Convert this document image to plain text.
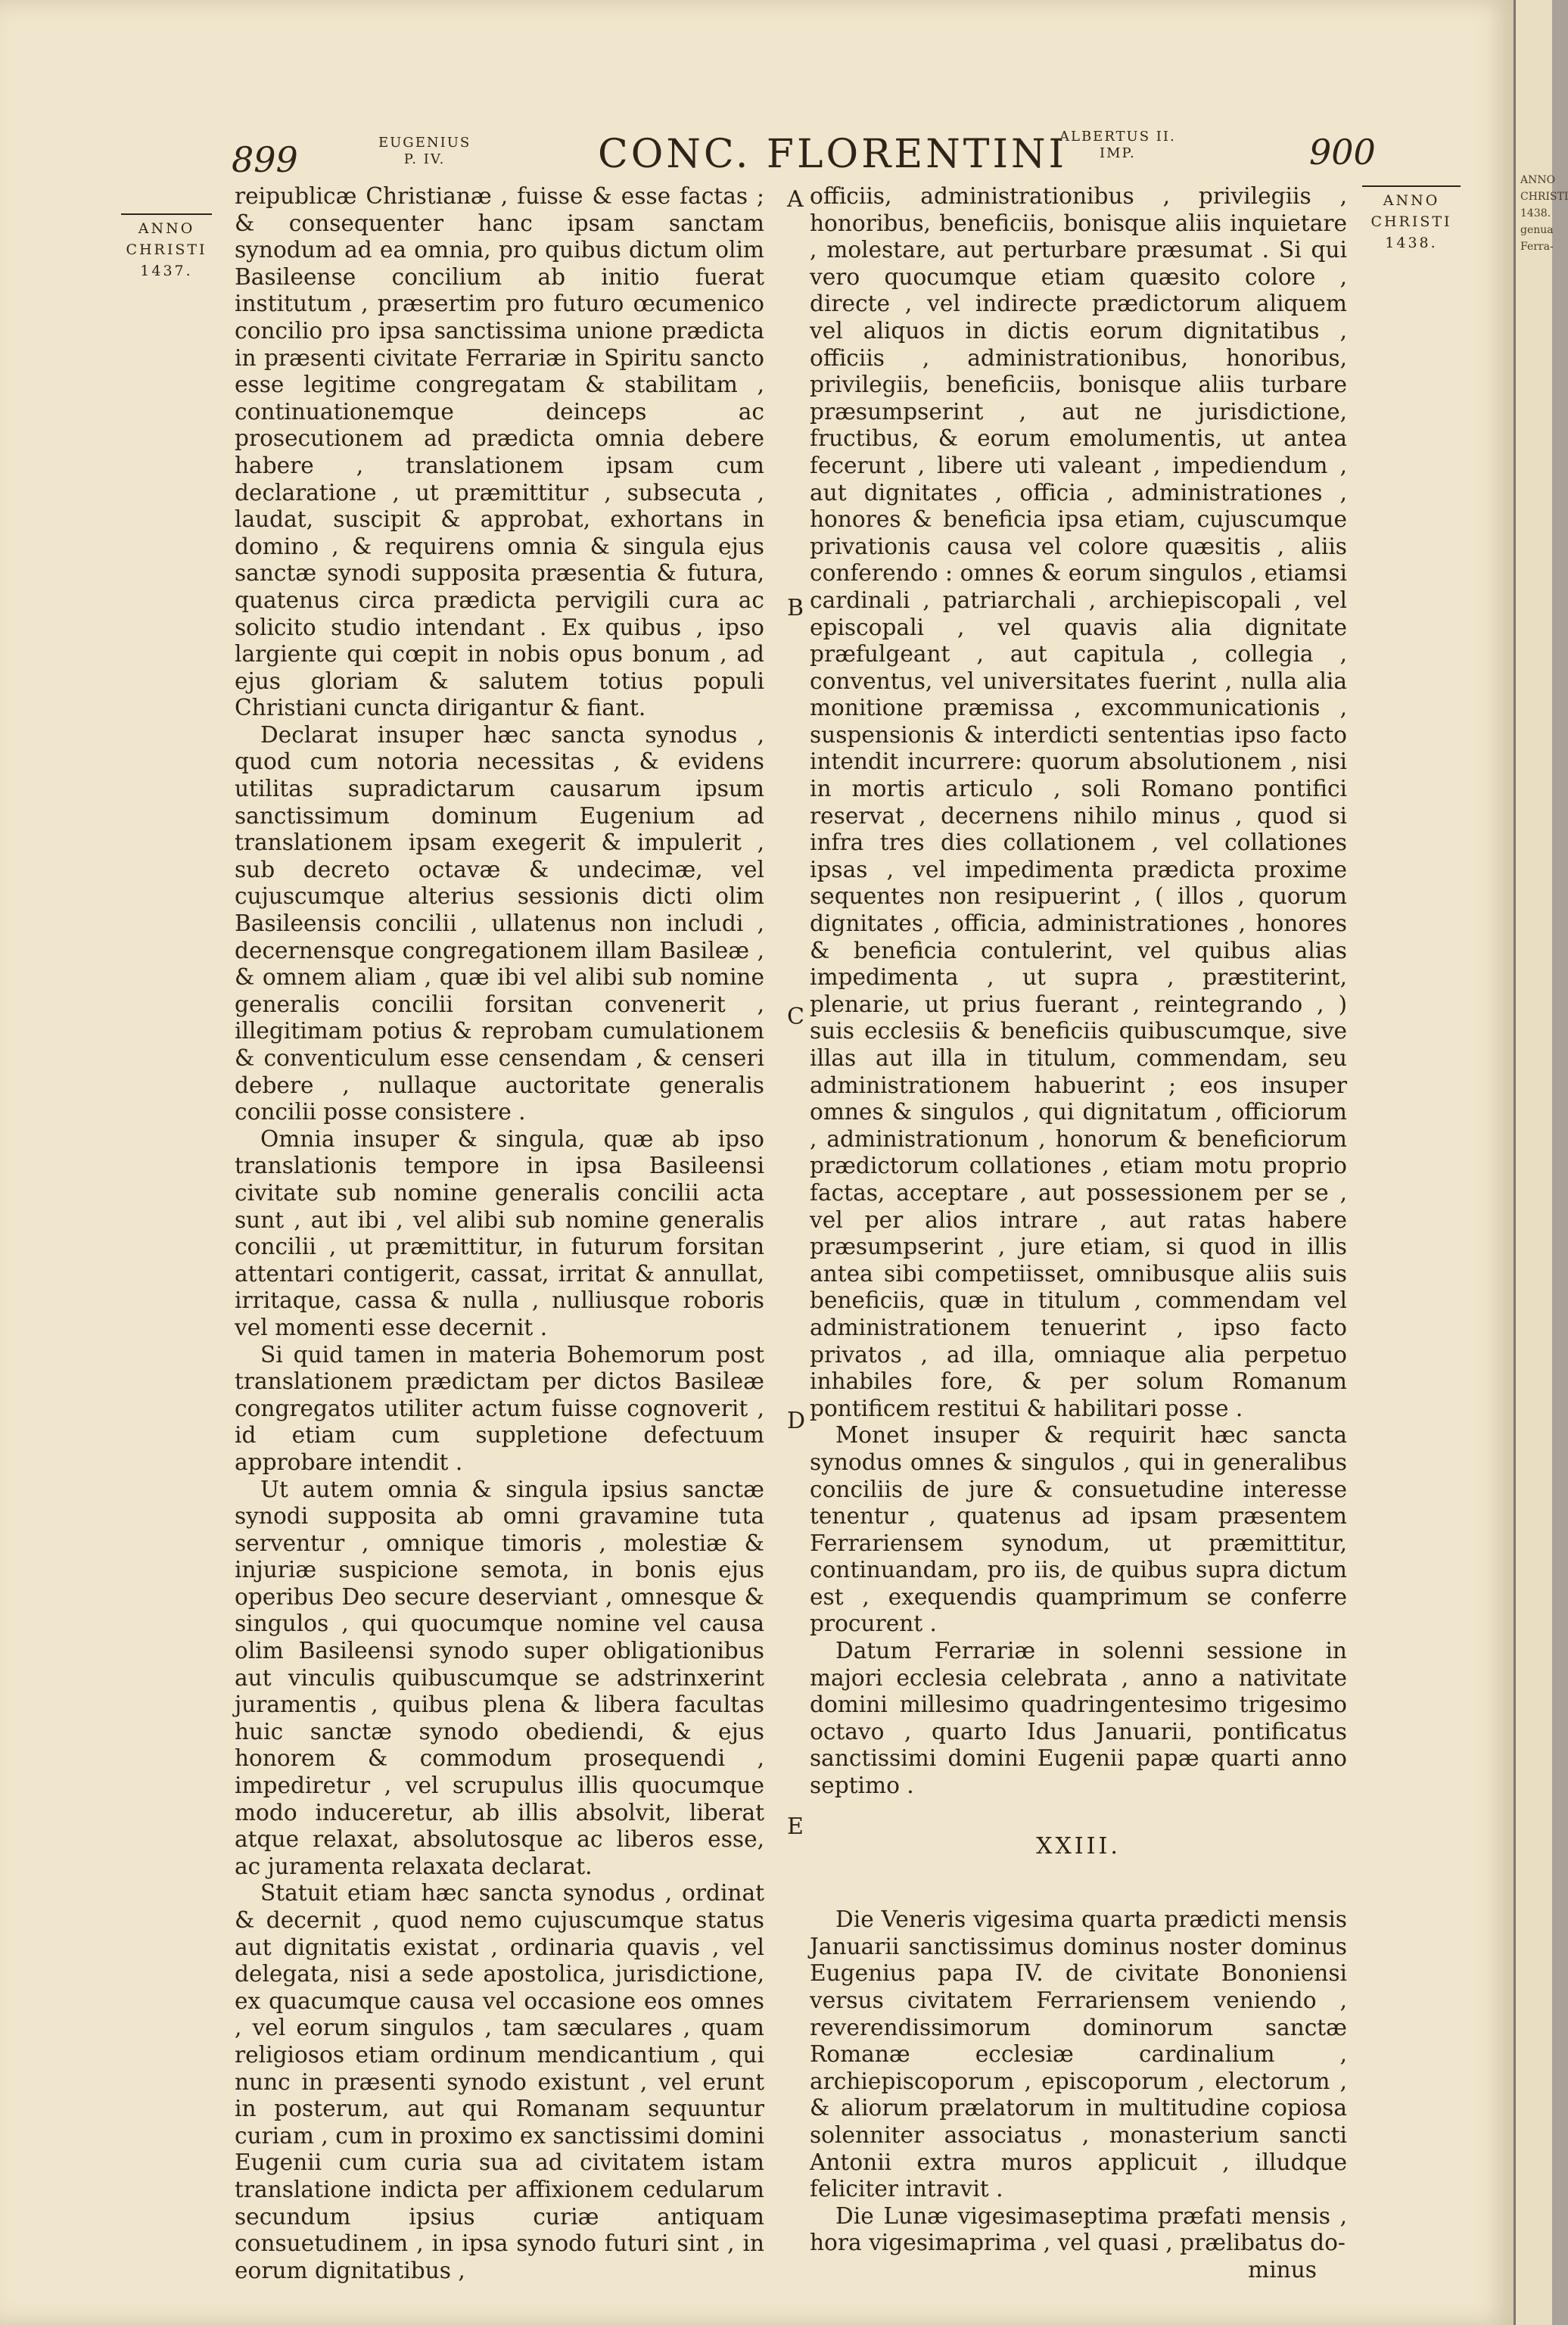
899	EUGENIUS
P. IV.	CONC. FLORENTINI
ALBERTUS II.
IMP.	900
ANNO
CHRISTI
1437.
ANNO
CHRISTI
1438.
A
B
C
D
E

reipublicæ Christianæ , fuisse & esse factas ; & consequenter hanc ipsam sanctam synodum ad ea omnia, pro quibus dictum olim Basileense concilium ab initio fuerat institutum , præsertim pro futuro œcumenico concilio pro ipsa sanctissima unione prædicta in præsenti civitate Ferrariæ in Spiritu sancto esse legitime congregatam & stabilitam , continuationemque deinceps ac prosecutionem ad prædicta omnia debere habere , translationem ipsam cum declaratione , ut præmittitur , subsecuta , laudat, suscipit & approbat, exhortans in domino , & requirens omnia & singula ejus sanctæ synodi supposita præsentia & futura, quatenus circa prædicta pervigili cura ac solicito studio intendant . Ex quibus , ipso largiente qui cœpit in nobis opus bonum , ad ejus gloriam & salutem totius populi Christiani cuncta dirigantur & fiant.

Declarat insuper hæc sancta synodus , quod cum notoria necessitas , & evidens utilitas supradictarum causarum ipsum sanctissimum dominum Eugenium ad translationem ipsam exegerit & impulerit , sub decreto octavæ & undecimæ, vel cujuscumque alterius sessionis dicti olim Basileensis concilii , ullatenus non includi , decernensque congregationem illam Basileæ , & omnem aliam , quæ ibi vel alibi sub nomine generalis concilii forsitan convenerit , illegitimam potius & reprobam cumulationem & conventiculum esse censendam , & censeri debere , nullaque auctoritate generalis concilii posse consistere .

Omnia insuper & singula, quæ ab ipso translationis tempore in ipsa Basileensi civitate sub nomine generalis concilii acta sunt , aut ibi , vel alibi sub nomine generalis concilii , ut præmittitur, in futurum forsitan attentari contigerit, cassat, irritat & annullat, irritaque, cassa & nulla , nulliusque roboris vel momenti esse decernit .

Si quid tamen in materia Bohemorum post translationem prædictam per dictos Basileæ congregatos utiliter actum fuisse cognoverit , id etiam cum suppletione defectuum approbare intendit .

Ut autem omnia & singula ipsius sanctæ synodi supposita ab omni gravamine tuta serventur , omnique timoris , molestiæ & injuriæ suspicione semota, in bonis ejus operibus Deo secure deserviant , omnesque & singulos , qui quocumque nomine vel causa olim Basileensi synodo super obligationibus aut vinculis quibuscumque se adstrinxerint juramentis , quibus plena & libera facultas huic sanctæ synodo obediendi, & ejus honorem & commodum prosequendi , impediretur , vel scrupulus illis quocumque modo induceretur, ab illis absolvit, liberat atque relaxat, absolutosque ac liberos esse, ac juramenta relaxata declarat.

Statuit etiam hæc sancta synodus , ordinat & decernit , quod nemo cujuscumque status aut dignitatis existat , ordinaria quavis , vel delegata, nisi a sede apostolica, jurisdictione, ex quacumque causa vel occasione eos omnes , vel eorum singulos , tam sæculares , quam religiosos etiam ordinum mendicantium , qui nunc in præsenti synodo existunt , vel erunt in posterum, aut qui Romanam sequuntur curiam , cum in proximo ex sanctissimi domini Eugenii cum curia sua ad civitatem istam translatione indicta per affixionem cedularum secundum ipsius curiæ antiquam consuetudinem , in ipsa synodo futuri sint , in eorum dignitatibus ,

officiis, administrationibus , privilegiis , honoribus, beneficiis, bonisque aliis inquietare , molestare, aut perturbare præsumat . Si qui vero quocumque etiam quæsito colore , directe , vel indirecte prædictorum aliquem vel aliquos in dictis eorum dignitatibus , officiis , administrationibus, honoribus, privilegiis, beneficiis, bonisque aliis turbare præsumpserint , aut ne jurisdictione, fructibus, & eorum emolumentis, ut antea fecerunt , libere uti valeant , impediendum , aut dignitates , officia , administrationes , honores & beneficia ipsa etiam, cujuscumque privationis causa vel colore quæsitis , aliis conferendo : omnes & eorum singulos , etiamsi cardinali , patriarchali , archiepiscopali , vel episcopali , vel quavis alia dignitate præfulgeant , aut capitula , collegia , conventus, vel universitates fuerint , nulla alia monitione præmissa , excommunicationis , suspensionis & interdicti sententias ipso facto intendit incurrere: quorum absolutionem , nisi in mortis articulo , soli Romano pontifici reservat , decernens nihilo minus , quod si infra tres dies collationem , vel collationes ipsas , vel impedimenta prædicta proxime sequentes non resipuerint , ( illos , quorum dignitates , officia, administrationes , honores & beneficia contulerint, vel quibus alias impedimenta , ut supra , præstiterint, plenarie, ut prius fuerant , reintegrando , ) suis ecclesiis & beneficiis quibuscumque, sive illas aut illa in titulum, commendam, seu administrationem habuerint ; eos insuper omnes & singulos , qui dignitatum , officiorum , administrationum , honorum & beneficiorum prædictorum collationes , etiam motu proprio factas, acceptare , aut possessionem per se , vel per alios intrare , aut ratas habere præsumpserint , jure etiam, si quod in illis antea sibi competiisset, omnibusque aliis suis beneficiis, quæ in titulum , commendam vel administrationem tenuerint , ipso facto privatos , ad illa, omniaque alia perpetuo inhabiles fore, & per solum Romanum pontificem restitui & habilitari posse .

Monet insuper & requirit hæc sancta synodus omnes & singulos , qui in generalibus conciliis de jure & consuetudine interesse tenentur , quatenus ad ipsam præsentem Ferrariensem synodum, ut præmittitur, continuandam, pro iis, de quibus supra dictum est , exequendis quamprimum se conferre procurent .

Datum Ferrariæ in solenni sessione in majori ecclesia celebrata , anno a nativitate domini millesimo quadringentesimo trigesimo octavo , quarto Idus Januarii, pontificatus sanctissimi domini Eugenii papæ quarti anno septimo .

XXIII.

Die Veneris vigesima quarta prædicti mensis Januarii sanctissimus dominus noster dominus Eugenius papa IV. de civitate Bononiensi versus civitatem Ferrariensem veniendo , reverendissimorum dominorum sanctæ Romanæ ecclesiæ cardinalium , archiepiscoporum , episcoporum , electorum , & aliorum prælatorum in multitudine copiosa solenniter associatus , monasterium sancti Antonii extra muros applicuit , illudque feliciter intravit .

Die Lunæ vigesimaseptima præfati mensis , hora vigesimaprima , vel quasi , prælibatus do-

minus

ANNO
CHRISTI
1438.
genua
Ferra-
